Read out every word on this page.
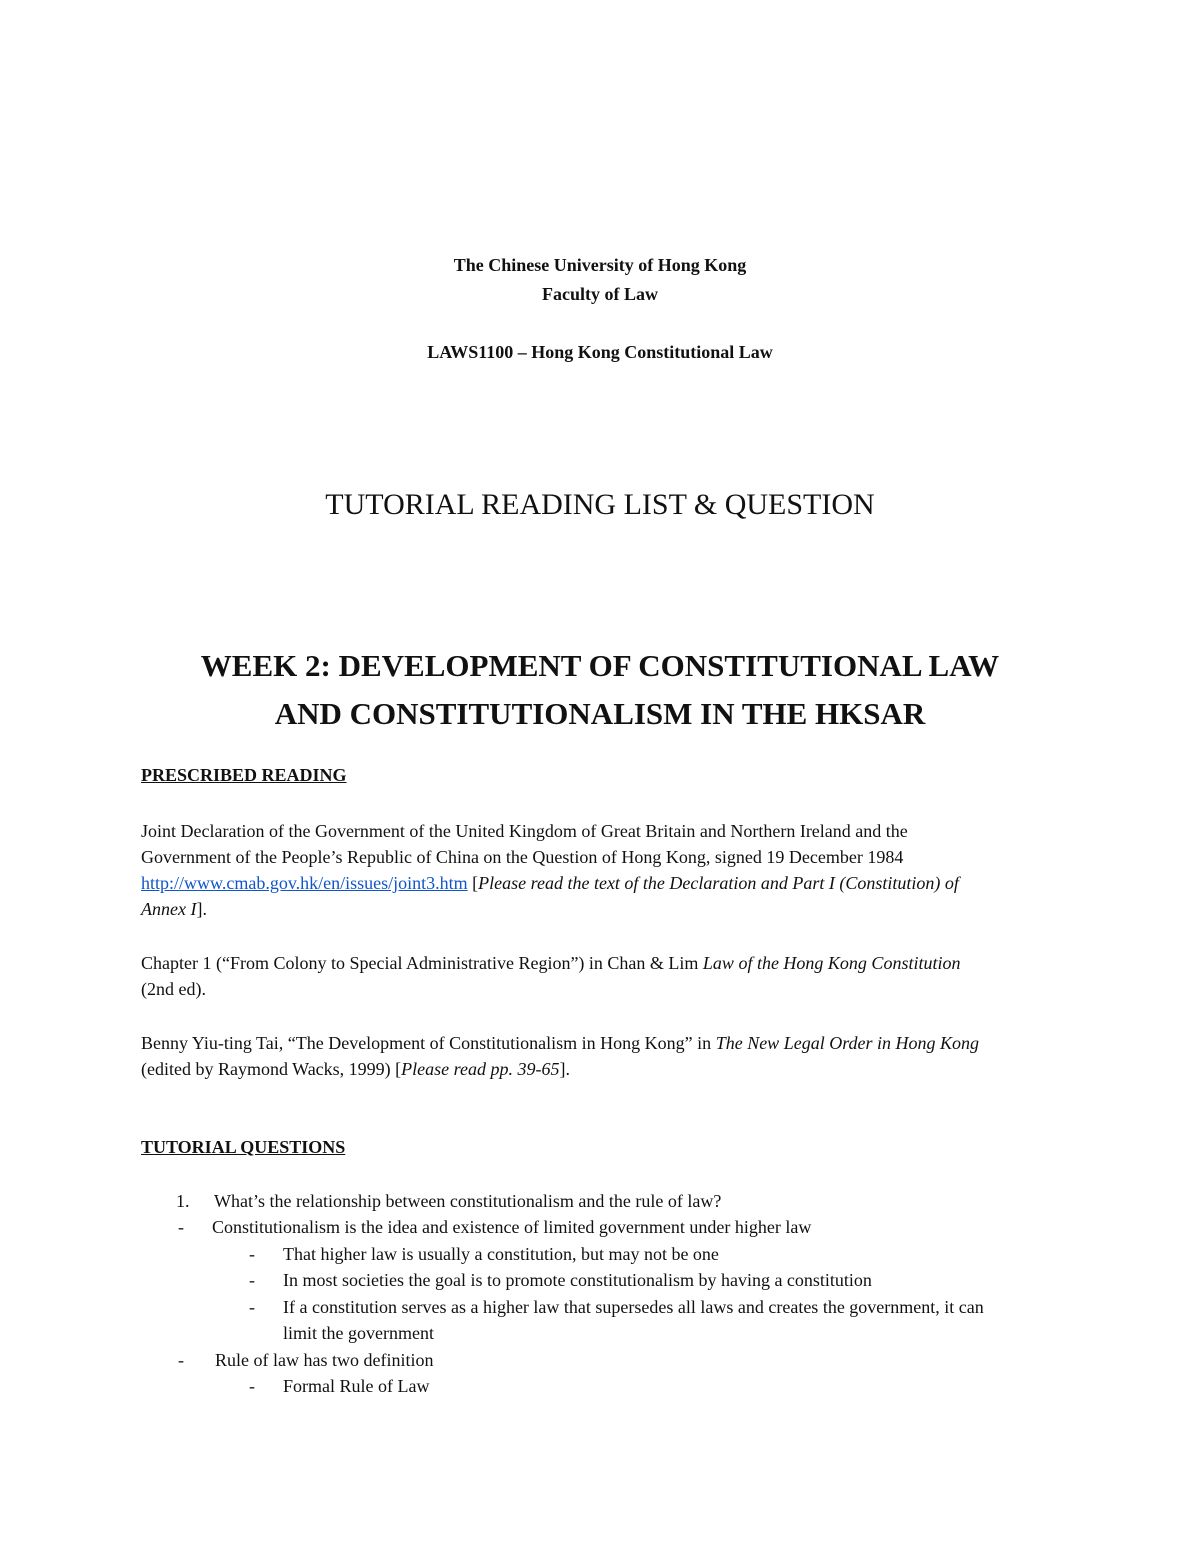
The Chinese University of Hong Kong
Faculty of Law
LAWS1100 – Hong Kong Constitutional Law
TUTORIAL READING LIST & QUESTION
WEEK 2: DEVELOPMENT OF CONSTITUTIONAL LAW
AND CONSTITUTIONALISM IN THE HKSAR
PRESCRIBED READING
Joint Declaration of the Government of the United Kingdom of Great Britain and Northern Ireland and the
Government of the People’s Republic of China on the Question of Hong Kong, signed 19 December 1984
http://www.cmab.gov.hk/en/issues/joint3.htm [Please read the text of the Declaration and Part I (Constitution) of
Annex I].
Chapter 1 (“From Colony to Special Administrative Region”) in Chan & Lim Law of the Hong Kong Constitution
(2nd ed).
Benny Yiu-ting Tai, “The Development of Constitutionalism in Hong Kong” in The New Legal Order in Hong Kong
(edited by Raymond Wacks, 1999) [Please read pp. 39-65].
TUTORIAL QUESTIONS
1. What’s the relationship between constitutionalism and the rule of law?
- Constitutionalism is the idea and existence of limited government under higher law
- That higher law is usually a constitution, but may not be one
- In most societies the goal is to promote constitutionalism by having a constitution
- If a constitution serves as a higher law that supersedes all laws and creates the government, it can
limit the government
- Rule of law has two definition
- Formal Rule of Law
